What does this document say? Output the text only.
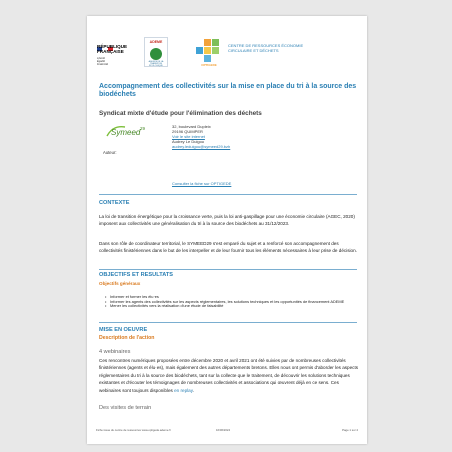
RÉPUBLIQUE
FRANÇAISE
Liberté
Égalité
Fraternité
ADEME
AGENCE DE LA TRANSITION ÉCOLOGIQUE	OPTIGEDE
CENTRE DE RESSOURCES ÉCONOMIE
CIRCULAIRE ET DÉCHETS
Accompagnement des collectivités sur la mise en place du tri à la source des biodéchets
Syndicat mixte d'étude pour l'élimination des déchets
Symeed 29
Auteur:
32, boulevard Dupleix
29196 QUIMPER
Voir le site internet
Audrey Le Duigou
audrey.leduigou@symeed29.bzh
Consulter la fiche sur OPTIGEDE
CONTEXTE
La loi de transition énergétique pour la croissance verte, puis la loi anti-gaspillage pour une économie circulaire (AGEC, 2020) imposent aux collectivités une généralisation du tri à la source des biodéchets au 31/12/2023.
Dans son rôle de coordinateur territorial, le SYMEED29 s'est emparé du sujet et a renforcé son accompagnement des collectivités finistériennes dans le but de les interpeller et de leur fournir tous les éléments nécessaires à leur prise de décision.
OBJECTIFS ET RESULTATS
Objectifs généraux
• Informer et former les élu·es
• Informer les agents des collectivités sur les aspects réglementaires, les solutions techniques et les opportunités de financement ADEME
• Mener les collectivités vers la réalisation d'une étude de faisabilité
MISE EN OEUVRE
Description de l'action
4 webinaires
Ces rencontres numériques proposées entre décembre 2020 et avril 2021 ont été suivies par de nombreuses collectivités finistériennes (agents et élu·es), mais également des autres départements bretons. Elles nous ont permis d'aborder les aspects réglementaires du tri à la source des biodéchets, tant sur la collecte que le traitement, de découvrir les solutions techniques existantes et d'écouter les témoignages de nombreuses collectivités et associations qui œuvrent déjà en ce sens. Ces webinaires sont toujours disponibles en replay.
Des visites de terrain
Fiche issue du centre de ressources www.optigede.ademe.fr	16/06/2024	Page 1 sur 4
